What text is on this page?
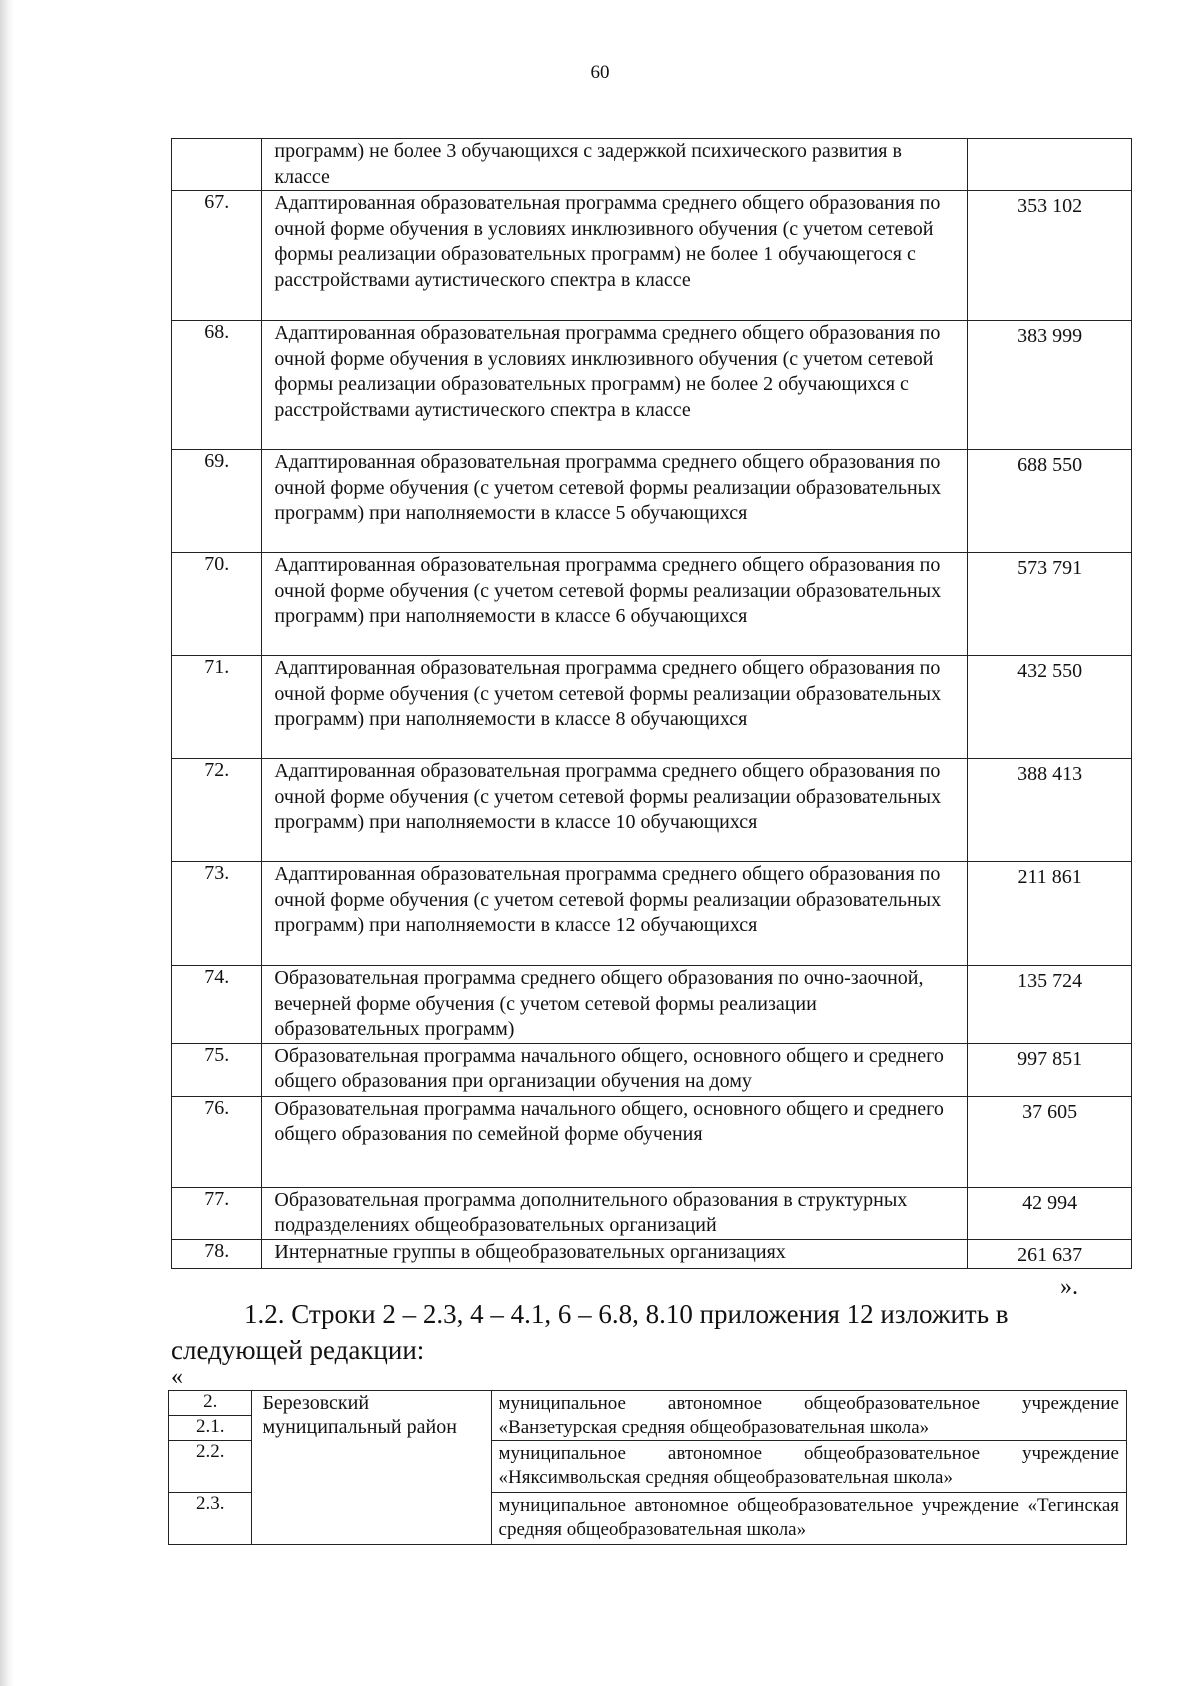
60
	программ) не более 3 обучающихся с задержкой психического развития в классе	
67.	Адаптированная образовательная программа среднего общего образования по очной форме обучения в условиях инклюзивного обучения (с учетом сетевой формы реализации образовательных программ) не более 1 обучающегося с расстройствами аутистического спектра в классе	353 102
68.	Адаптированная образовательная программа среднего общего образования по очной форме обучения в условиях инклюзивного обучения (с учетом сетевой формы реализации образовательных программ) не более 2 обучающихся с расстройствами аутистического спектра в классе	383 999
69.	Адаптированная образовательная программа среднего общего образования по очной форме обучения (с учетом сетевой формы реализации образовательных программ) при наполняемости в классе 5 обучающихся	688 550
70.	Адаптированная образовательная программа среднего общего образования по очной форме обучения (с учетом сетевой формы реализации образовательных программ) при наполняемости в классе 6 обучающихся	573 791
71.	Адаптированная образовательная программа среднего общего образования по очной форме обучения (с учетом сетевой формы реализации образовательных программ) при наполняемости в классе 8 обучающихся	432 550
72.	Адаптированная образовательная программа среднего общего образования по очной форме обучения (с учетом сетевой формы реализации образовательных программ) при наполняемости в классе 10 обучающихся	388 413
73.	Адаптированная образовательная программа среднего общего образования по очной форме обучения (с учетом сетевой формы реализации образовательных программ) при наполняемости в классе 12 обучающихся	211 861
74.	Образовательная программа среднего общего образования по очно-заочной, вечерней форме обучения (с учетом сетевой формы реализации образовательных программ)	135 724
75.	Образовательная программа начального общего, основного общего и среднего общего образования при организации обучения на дому	997 851
76.	Образовательная программа начального общего, основного общего и среднего общего образования по семейной форме обучения	37 605
77.	Образовательная программа дополнительного образования в структурных подразделениях общеобразовательных организаций	42 994
78.	Интернатные группы в общеобразовательных организациях	261 637
».
1.2. Строки 2 – 2.3, 4 – 4.1, 6 – 6.8, 8.10 приложения 12 изложить в
следующей редакции:
«
2.	Березовский муниципальный район	муниципальное автономное общеобразовательное учреждение «Ванзетурская средняя общеобразовательная школа»
2.1.		
2.2.		муниципальное автономное общеобразовательное учреждение «Няксимвольская средняя общеобразовательная школа»
2.3.		муниципальное автономное общеобразовательное учреждение «Тегинская средняя общеобразовательная школа»
